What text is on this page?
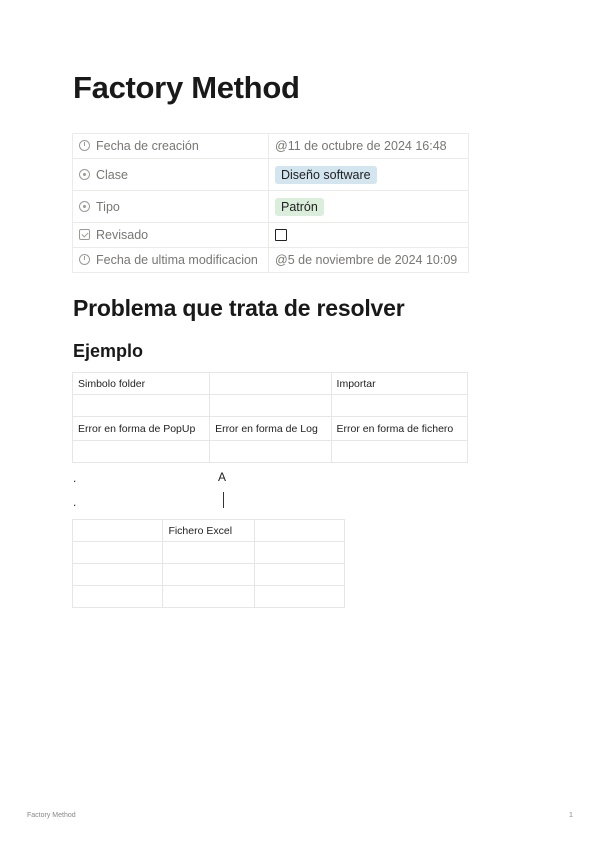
Factory Method
Fecha de creación	@11 de octubre de 2024 16:48
Clase	Diseño software
Tipo	Patrón
Revisado	
Fecha de ultima modificacion	@5 de noviembre de 2024 10:09
Problema que trata de resolver
Ejemplo
Simbolo folder		Importar

Error en forma de PopUp	Error en forma de Log	Error en forma de fichero

.	A
.
	Fichero Excel	

Factory Method	1
